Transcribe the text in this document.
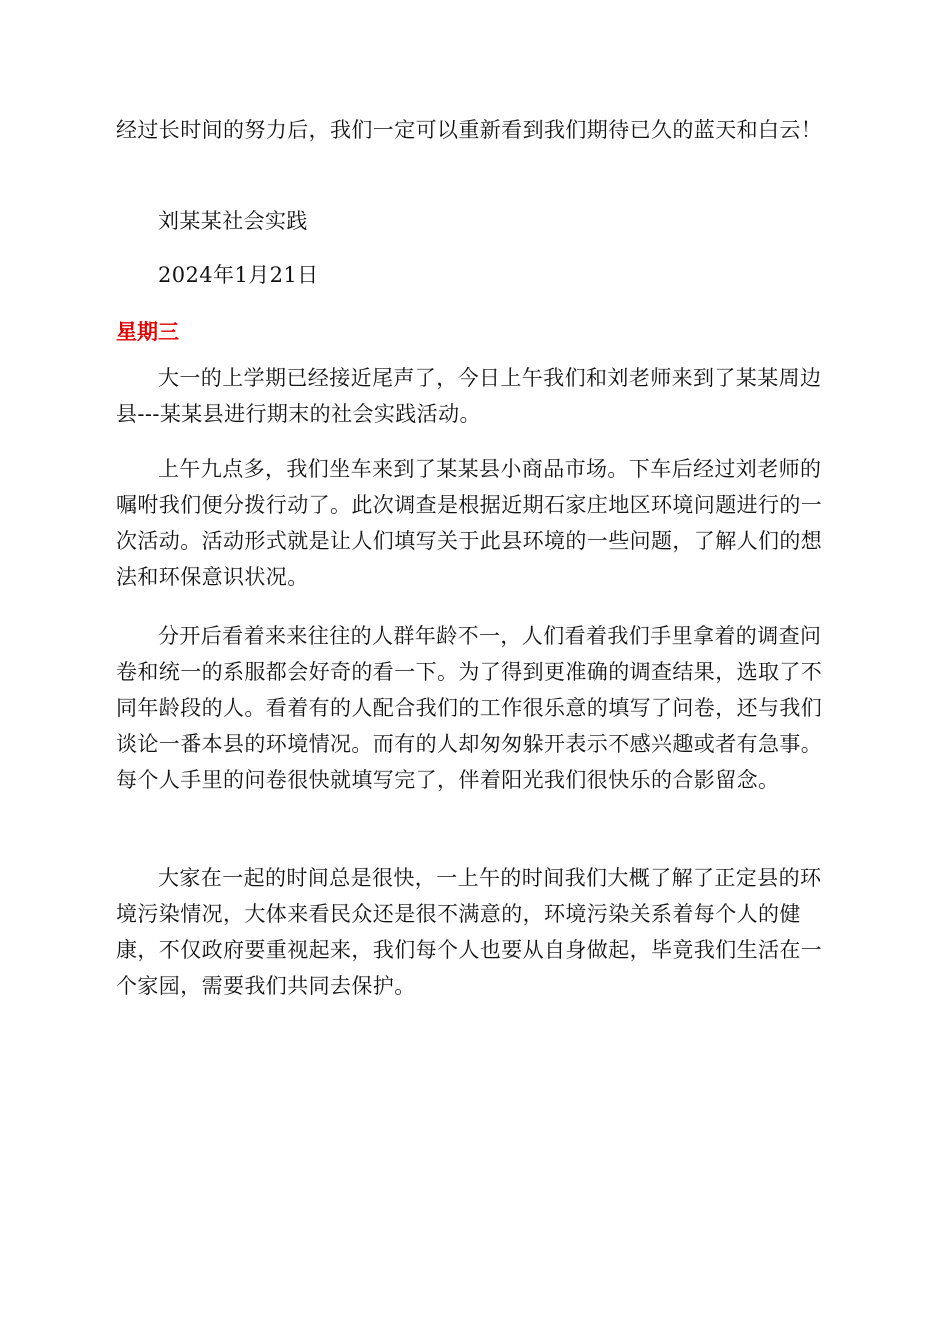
经过长时间的努力后，我们一定可以重新看到我们期待已久的蓝天和白云！

刘某某社会实践

2024年1月21日

星期三

大一的上学期已经接近尾声了，今日上午我们和刘老师来到了某某周边县---某某县进行期末的社会实践活动。

上午九点多，我们坐车来到了某某县小商品市场。下车后经过刘老师的嘱咐我们便分拨行动了。此次调查是根据近期石家庄地区环境问题进行的一次活动。活动形式就是让人们填写关于此县环境的一些问题，了解人们的想法和环保意识状况。

分开后看着来来往往的人群年龄不一，人们看着我们手里拿着的调查问卷和统一的系服都会好奇的看一下。为了得到更准确的调查结果，选取了不同年龄段的人。看着有的人配合我们的工作很乐意的填写了问卷，还与我们谈论一番本县的环境情况。而有的人却匆匆躲开表示不感兴趣或者有急事。每个人手里的问卷很快就填写完了，伴着阳光我们很快乐的合影留念。

大家在一起的时间总是很快，一上午的时间我们大概了解了正定县的环境污染情况，大体来看民众还是很不满意的，环境污染关系着每个人的健康，不仅政府要重视起来，我们每个人也要从自身做起，毕竟我们生活在一个家园，需要我们共同去保护。
